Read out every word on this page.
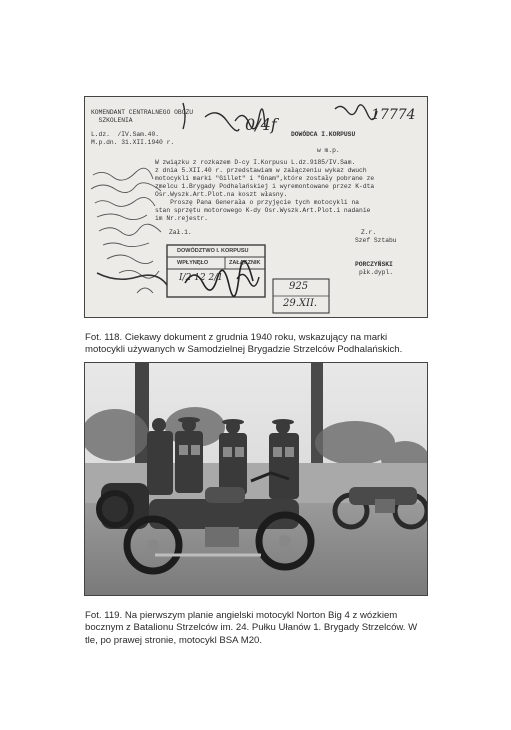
KOMENDANT CENTRALNEGO OBOZU
SZKOLENIA
L.dz.  /IV.Sam.40.
M.p.dn. 31.XII.1940 r.
DOWÓDCA I.KORPUSU
w m.p.
W związku z rozkazem D-cy I.Korpusu L.dz.9185/IV.Sam.
z dnia 5.XII.40 r. przedstawiam w załączeniu wykaz dwuch
motocykli marki "Gillet" i "Gnam",które zostały pobrane ze
zmelcu 1.Brygady Podhalańskiej i wyremontowane przez K-dta
Osr.Wyszk.Art.Plot.na koszt własny.
Proszę Pana Generała o przyjęcie tych motocykli na
stan sprzętu motorowego K-dy Osr.Wyszk.Art.Plot.i nadanie
im Nr.rejestr.
Zał.1.	Z.r.
Szef Sztabu
PORCZYŃSKI
płk.dypl.
DOWÓDZTWO I. KORPUSU
WPŁYNĘŁO	ZAŁĄCZNIK
I/2 12 2/1
925
29.XII.
17774
0/4f

Fot. 118. Ciekawy dokument z grudnia 1940 roku, wskazujący na marki motocykli używanych w Samodzielnej Brygadzie Strzelców Podhalańskich.

Fot. 119. Na pierwszym planie angielski motocykl Norton Big 4 z wózkiem bocznym z Batalionu Strzelców im. 24. Pułku Ułanów 1. Brygady Strzelców. W tle, po prawej stronie, motocykl BSA M20.
